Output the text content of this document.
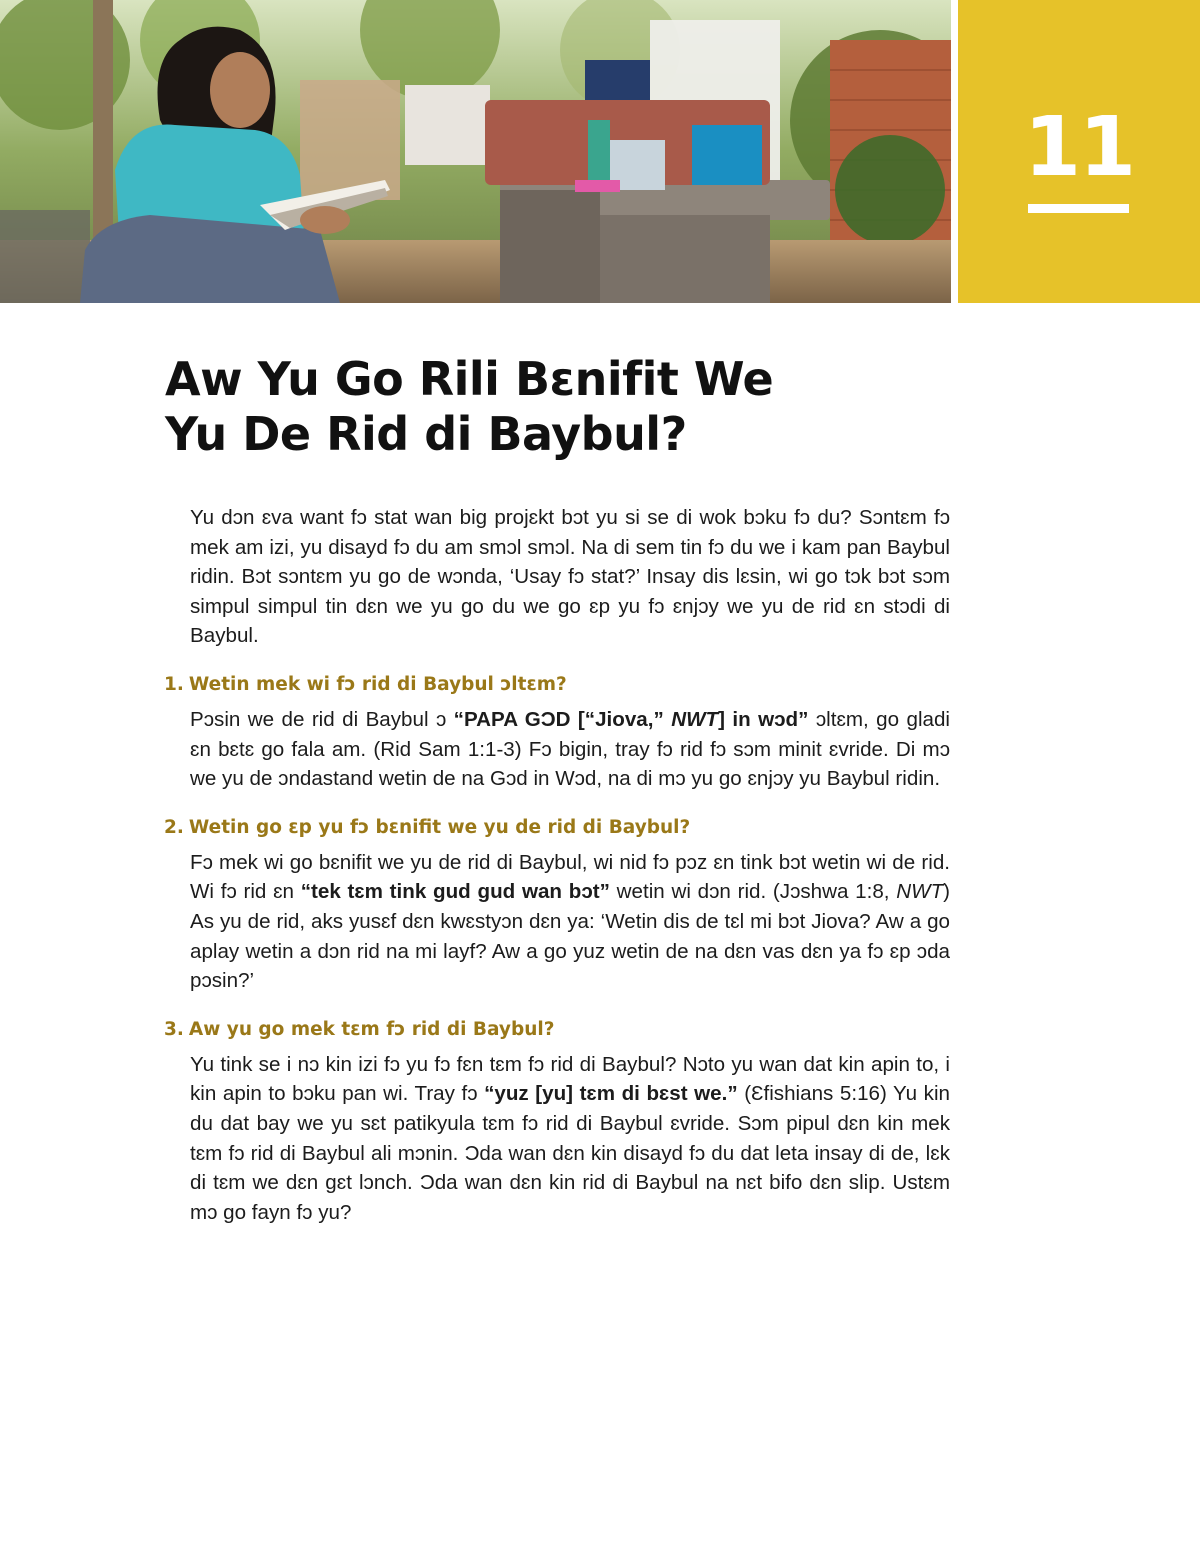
11
Aw Yu Go Rili Bɛnifit We
Yu De Rid di Baybul?

Yu dɔn ɛva want fɔ stat wan big projɛkt bɔt yu si se di wok bɔku fɔ du? Sɔntɛm fɔ mek am izi, yu disayd fɔ du am smɔl smɔl. Na di sem tin fɔ du we i kam pan Baybul ridin. Bɔt sɔntɛm yu go de wɔnda, ‘Usay fɔ stat?’ Insay dis lɛsin, wi go tɔk bɔt sɔm simpul simpul tin dɛn we yu go du we go ɛp yu fɔ ɛnjɔy we yu de rid ɛn stɔdi di Baybul.

1. Wetin mek wi fɔ rid di Baybul ɔltɛm?

Pɔsin we de rid di Baybul ɔ “PAPA GƆD [“Jiova,” NWT] in wɔd” ɔltɛm, go gladi ɛn bɛtɛ go fala am. (Rid Sam 1:1-3) Fɔ bigin, tray fɔ rid fɔ sɔm minit ɛvride. Di mɔ we yu de ɔndastand wetin de na Gɔd in Wɔd, na di mɔ yu go ɛnjɔy yu Baybul ridin.

2. Wetin go ɛp yu fɔ bɛnifit we yu de rid di Baybul?

Fɔ mek wi go bɛnifit we yu de rid di Baybul, wi nid fɔ pɔz ɛn tink bɔt wetin wi de rid. Wi fɔ rid ɛn “tek tɛm tink gud gud wan bɔt” wetin wi dɔn rid. (Jɔshwa 1:8, NWT) As yu de rid, aks yusɛf dɛn kwɛstyɔn dɛn ya: ‘Wetin dis de tɛl mi bɔt Jiova? Aw a go aplay wetin a dɔn rid na mi layf? Aw a go yuz wetin de na dɛn vas dɛn ya fɔ ɛp ɔda pɔsin?’

3. Aw yu go mek tɛm fɔ rid di Baybul?

Yu tink se i nɔ kin izi fɔ yu fɔ fɛn tɛm fɔ rid di Baybul? Nɔto yu wan dat kin apin to, i kin apin to bɔku pan wi. Tray fɔ “yuz [yu] tɛm di bɛst we.” (Ɛfishians 5:16) Yu kin du dat bay we yu sɛt patikyula tɛm fɔ rid di Baybul ɛvride. Sɔm pipul dɛn kin mek tɛm fɔ rid di Baybul ali mɔnin. Ɔda wan dɛn kin disayd fɔ du dat leta insay di de, lɛk di tɛm we dɛn gɛt lɔnch. Ɔda wan dɛn kin rid di Baybul na nɛt bifo dɛn slip. Ustɛm mɔ go fayn fɔ yu?
